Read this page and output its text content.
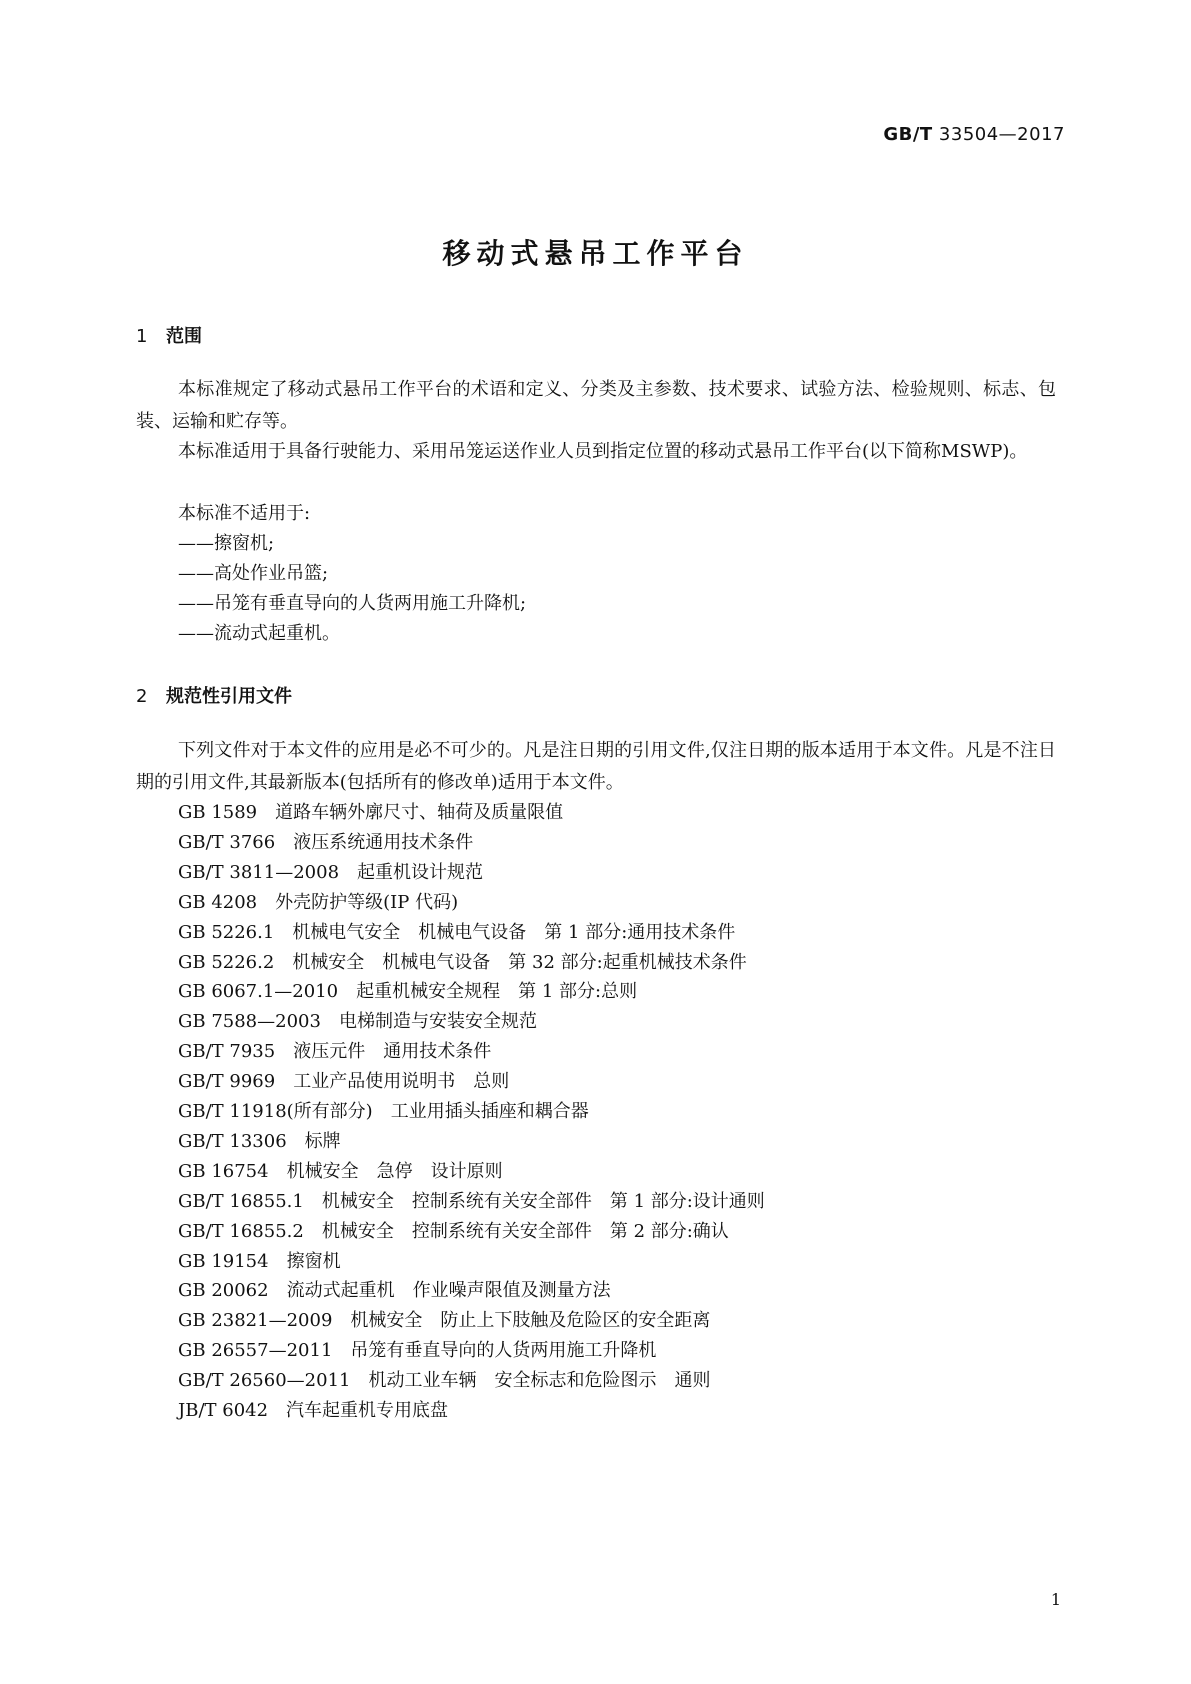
GB/T 33504—2017
移动式悬吊工作平台
1 范围
本标准规定了移动式悬吊工作平台的术语和定义、分类及主参数、技术要求、试验方法、检验规则、标志、包装、运输和贮存等。
本标准适用于具备行驶能力、采用吊笼运送作业人员到指定位置的移动式悬吊工作平台(以下简称MSWP)。
本标准不适用于:
——擦窗机;
——高处作业吊篮;
——吊笼有垂直导向的人货两用施工升降机;
——流动式起重机。
2 规范性引用文件
下列文件对于本文件的应用是必不可少的。凡是注日期的引用文件,仅注日期的版本适用于本文件。凡是不注日期的引用文件,其最新版本(包括所有的修改单)适用于本文件。
GB 1589 道路车辆外廓尺寸、轴荷及质量限值
GB/T 3766 液压系统通用技术条件
GB/T 3811—2008 起重机设计规范
GB 4208 外壳防护等级(IP 代码)
GB 5226.1 机械电气安全　机械电气设备　第 1 部分:通用技术条件
GB 5226.2 机械安全　机械电气设备　第 32 部分:起重机械技术条件
GB 6067.1—2010 起重机械安全规程　第 1 部分:总则
GB 7588—2003 电梯制造与安装安全规范
GB/T 7935 液压元件　通用技术条件
GB/T 9969 工业产品使用说明书　总则
GB/T 11918(所有部分) 工业用插头插座和耦合器
GB/T 13306 标牌
GB 16754 机械安全　急停　设计原则
GB/T 16855.1 机械安全　控制系统有关安全部件　第 1 部分:设计通则
GB/T 16855.2 机械安全　控制系统有关安全部件　第 2 部分:确认
GB 19154 擦窗机
GB 20062 流动式起重机　作业噪声限值及测量方法
GB 23821—2009 机械安全　防止上下肢触及危险区的安全距离
GB 26557—2011 吊笼有垂直导向的人货两用施工升降机
GB/T 26560—2011 机动工业车辆　安全标志和危险图示　通则
JB/T 6042 汽车起重机专用底盘
1
